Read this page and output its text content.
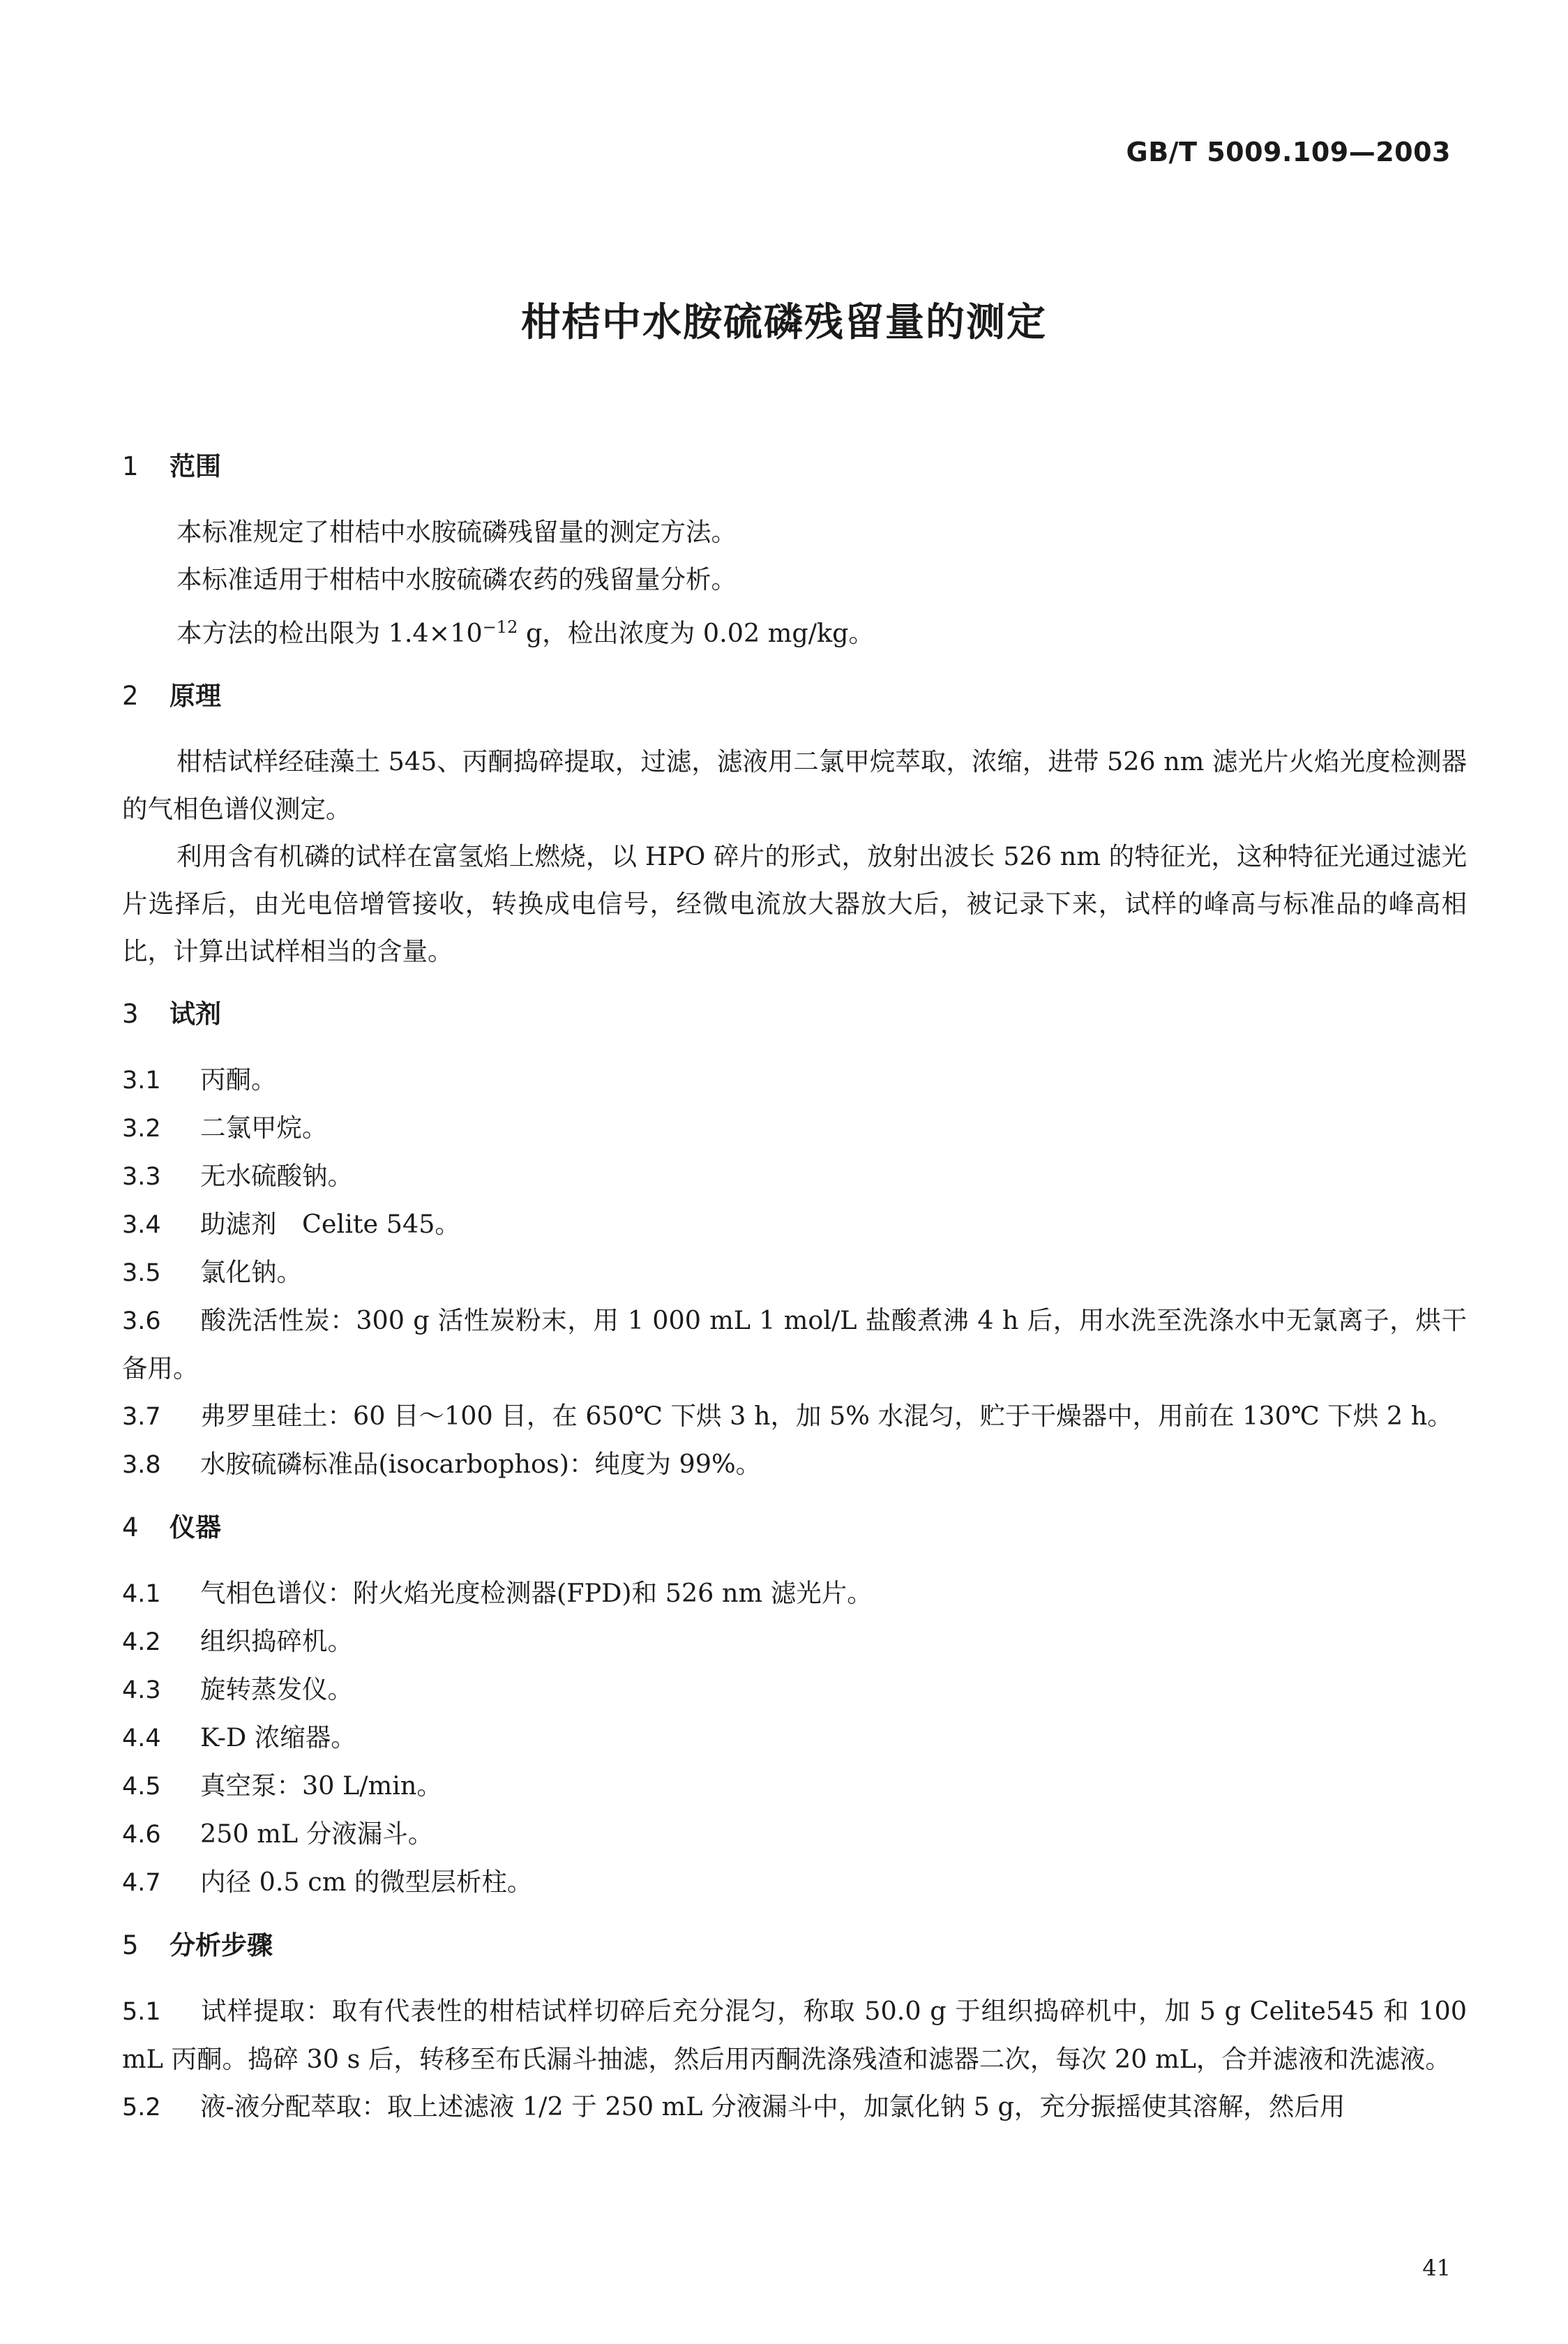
GB/T 5009.109—2003
柑桔中水胺硫磷残留量的测定
1 范围

本标准规定了柑桔中水胺硫磷残留量的测定方法。

本标准适用于柑桔中水胺硫磷农药的残留量分析。

本方法的检出限为 $1.4\times 10^{-12}$ g，检出浓度为 0.02 mg/kg。

2 原理

柑桔试样经硅藻土 545、丙酮捣碎提取，过滤，滤液用二氯甲烷萃取，浓缩，进带 526 nm 滤光片火焰光度检测器的气相色谱仪测定。

利用含有机磷的试样在富氢焰上燃烧，以 HPO 碎片的形式，放射出波长 526 nm 的特征光，这种特征光通过滤光片选择后，由光电倍增管接收，转换成电信号，经微电流放大器放大后，被记录下来，试样的峰高与标准品的峰高相比，计算出试样相当的含量。

3 试剂

3.1 丙酮。

3.2 二氯甲烷。

3.3 无水硫酸钠。

3.4 助滤剂　Celite 545。

3.5 氯化钠。

3.6 酸洗活性炭：300 g 活性炭粉末，用 1 000 mL 1 mol/L 盐酸煮沸 4 h 后，用水洗至洗涤水中无氯离子，烘干备用。

3.7 弗罗里硅土：60 目～100 目，在 650℃ 下烘 3 h，加 5% 水混匀，贮于干燥器中，用前在 130℃ 下烘 2 h。

3.8 水胺硫磷标准品(isocarbophos)：纯度为 99%。

4 仪器

4.1 气相色谱仪：附火焰光度检测器(FPD)和 526 nm 滤光片。

4.2 组织捣碎机。

4.3 旋转蒸发仪。

4.4 K-D 浓缩器。

4.5 真空泵：30 L/min。

4.6 250 mL 分液漏斗。

4.7 内径 0.5 cm 的微型层析柱。

5 分析步骤

5.1 试样提取：取有代表性的柑桔试样切碎后充分混匀，称取 50.0 g 于组织捣碎机中，加 5 g Celite545 和 100 mL 丙酮。捣碎 30 s 后，转移至布氏漏斗抽滤，然后用丙酮洗涤残渣和滤器二次，每次 20 mL，合并滤液和洗滤液。

5.2 液-液分配萃取：取上述滤液 1/2 于 250 mL 分液漏斗中，加氯化钠 5 g，充分振摇使其溶解，然后用

41
